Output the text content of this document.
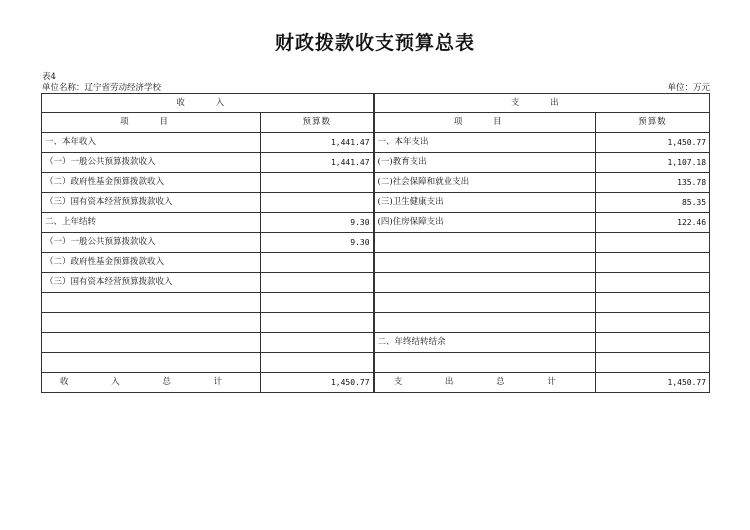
财政拨款收支预算总表
表4
单位名称：辽宁省劳动经济学校	单位：万元
收 入		支 出	
项 目	预算数	项 目	预算数
一、本年收入	1,441.47	一、本年支出	1,450.77
（一）一般公共预算拨款收入	1,441.47	(一)教育支出	1,107.18
（二）政府性基金预算拨款收入		(二)社会保障和就业支出	135.78
（三）国有资本经营预算拨款收入		(三)卫生健康支出	85.35
二、上年结转	9.30	(四)住房保障支出	122.46
（一）一般公共预算拨款收入	9.30		
（二）政府性基金预算拨款收入			
（三）国有资本经营预算拨款收入			

		二、年终结转结余	

收 入 总 计	1,450.77	支 出 总 计	1,450.77
